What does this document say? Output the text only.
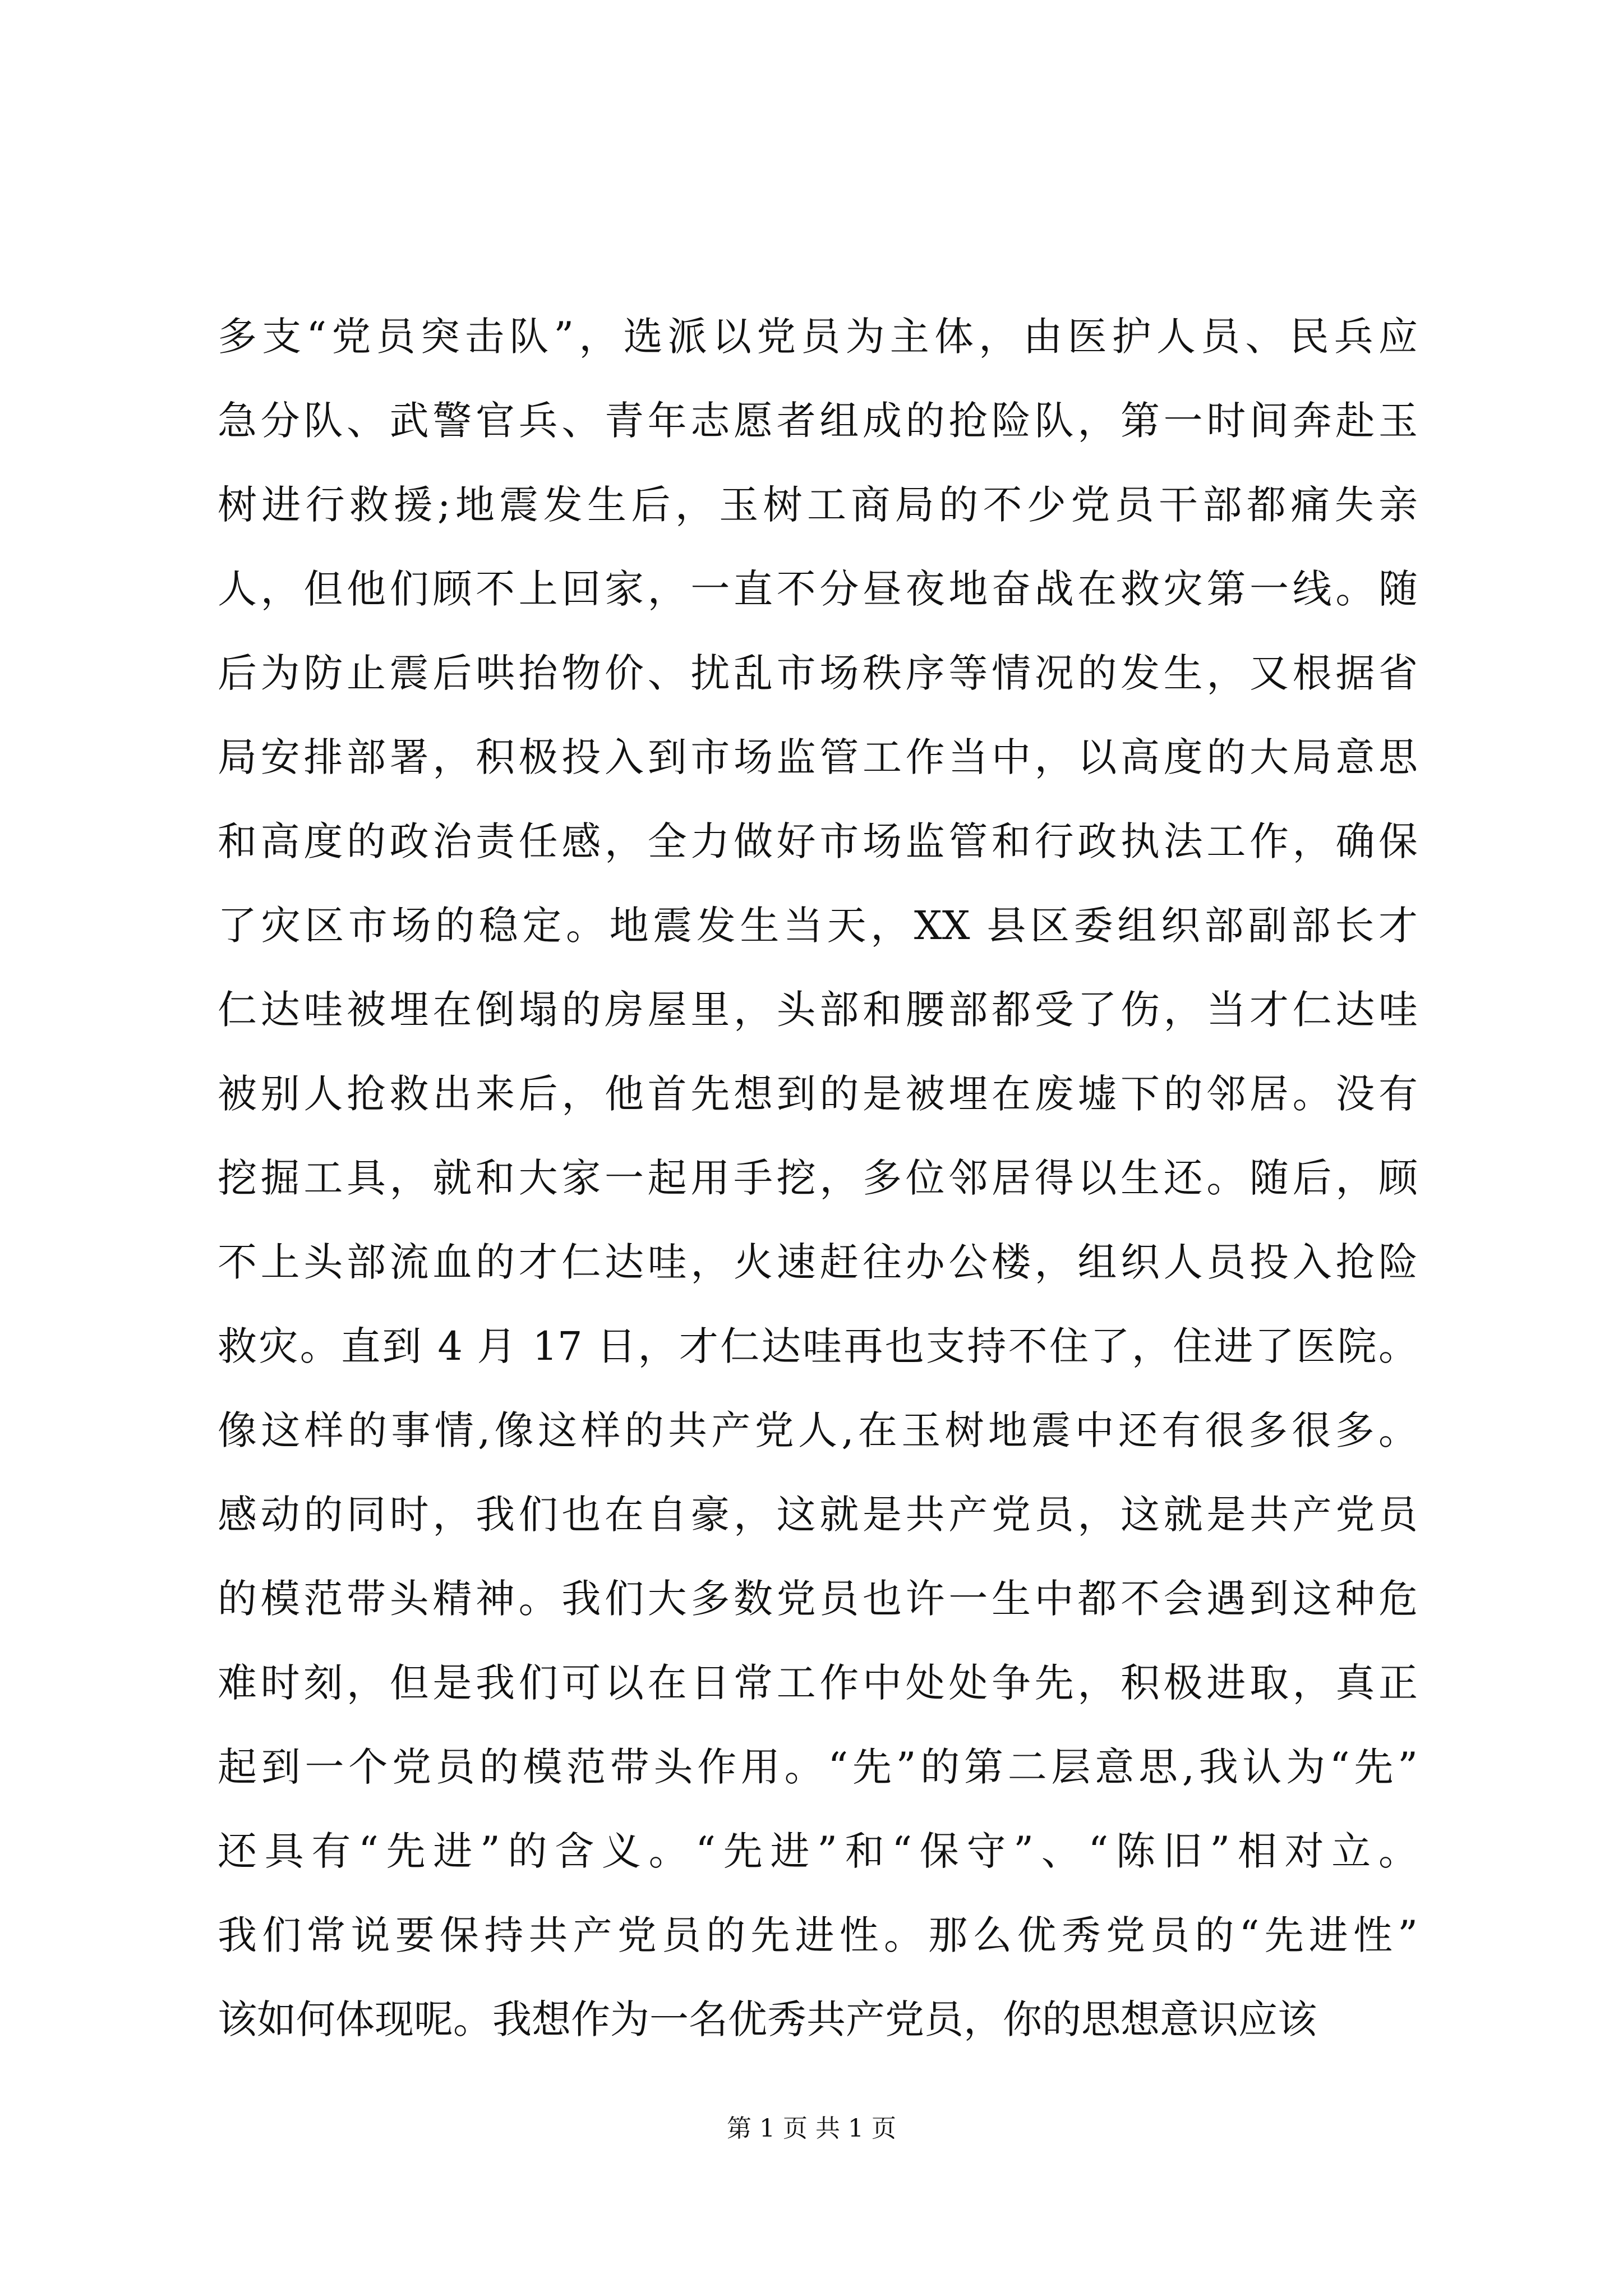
多支“党员突击队”，选派以党员为主体，由医护人员、民兵应
急分队、武警官兵、青年志愿者组成的抢险队，第一时间奔赴玉
树进行救援;地震发生后，玉树工商局的不少党员干部都痛失亲
人，但他们顾不上回家，一直不分昼夜地奋战在救灾第一线。随
后为防止震后哄抬物价、扰乱市场秩序等情况的发生，又根据省
局安排部署，积极投入到市场监管工作当中，以高度的大局意思
和高度的政治责任感，全力做好市场监管和行政执法工作，确保
了灾区市场的稳定。地震发生当天，XX 县区委组织部副部长才
仁达哇被埋在倒塌的房屋里，头部和腰部都受了伤，当才仁达哇
被别人抢救出来后，他首先想到的是被埋在废墟下的邻居。没有
挖掘工具，就和大家一起用手挖，多位邻居得以生还。随后，顾
不上头部流血的才仁达哇，火速赶往办公楼，组织人员投入抢险
救灾。直到 4 月 17 日，才仁达哇再也支持不住了，住进了医院。
像这样的事情,像这样的共产党人,在玉树地震中还有很多很多。
感动的同时，我们也在自豪，这就是共产党员，这就是共产党员
的模范带头精神。我们大多数党员也许一生中都不会遇到这种危
难时刻，但是我们可以在日常工作中处处争先，积极进取，真正
起到一个党员的模范带头作用。“先”的第二层意思,我认为“先”
还具有“先进”的含义。“先进”和“保守”、“陈旧”相对立。
我们常说要保持共产党员的先进性。那么优秀党员的“先进性”
该如何体现呢。我想作为一名优秀共产党员，你的思想意识应该
第 1 页 共 1 页
